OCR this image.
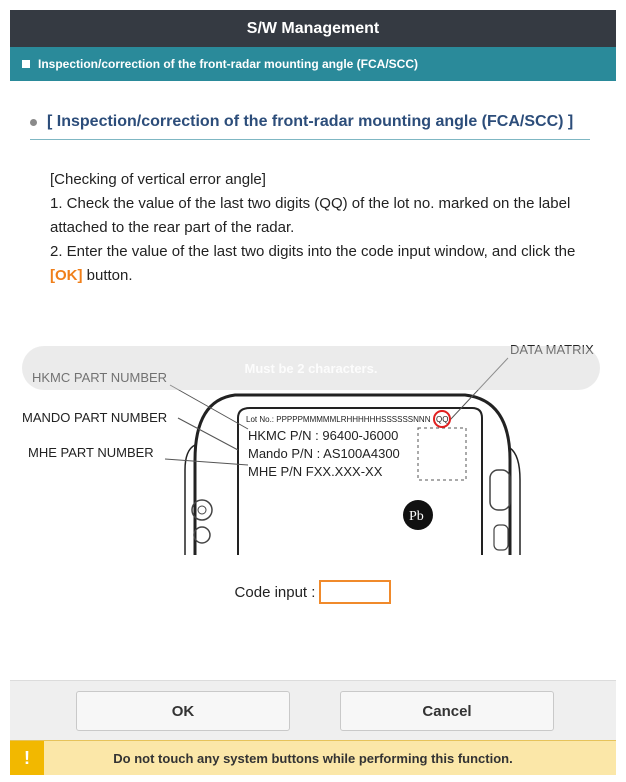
S/W Management
Inspection/correction of the front-radar mounting angle (FCA/SCC)
[ Inspection/correction of the front-radar mounting angle (FCA/SCC) ]
[Checking of vertical error angle]
1. Check the value of the last two digits (QQ) of the lot no. marked on the label attached to the rear part of the radar.
2. Enter the value of the last two digits into the code input window, and click the [OK] button.
DATA MATRIX
HKMC PART NUMBER
MANDO PART NUMBER
MHE PART NUMBER
Lot No.: PPPPPMMMMMLRHHHHHHSSSSSSNNN QQ
HKMC P/N : 96400-J6000
Mando P/N : AS100A4300
MHE P/N FXX.XXX-XX
Pb
Must be 2 characters.
Code input :
OK	Cancel
!	Do not touch any system buttons while performing this function.
